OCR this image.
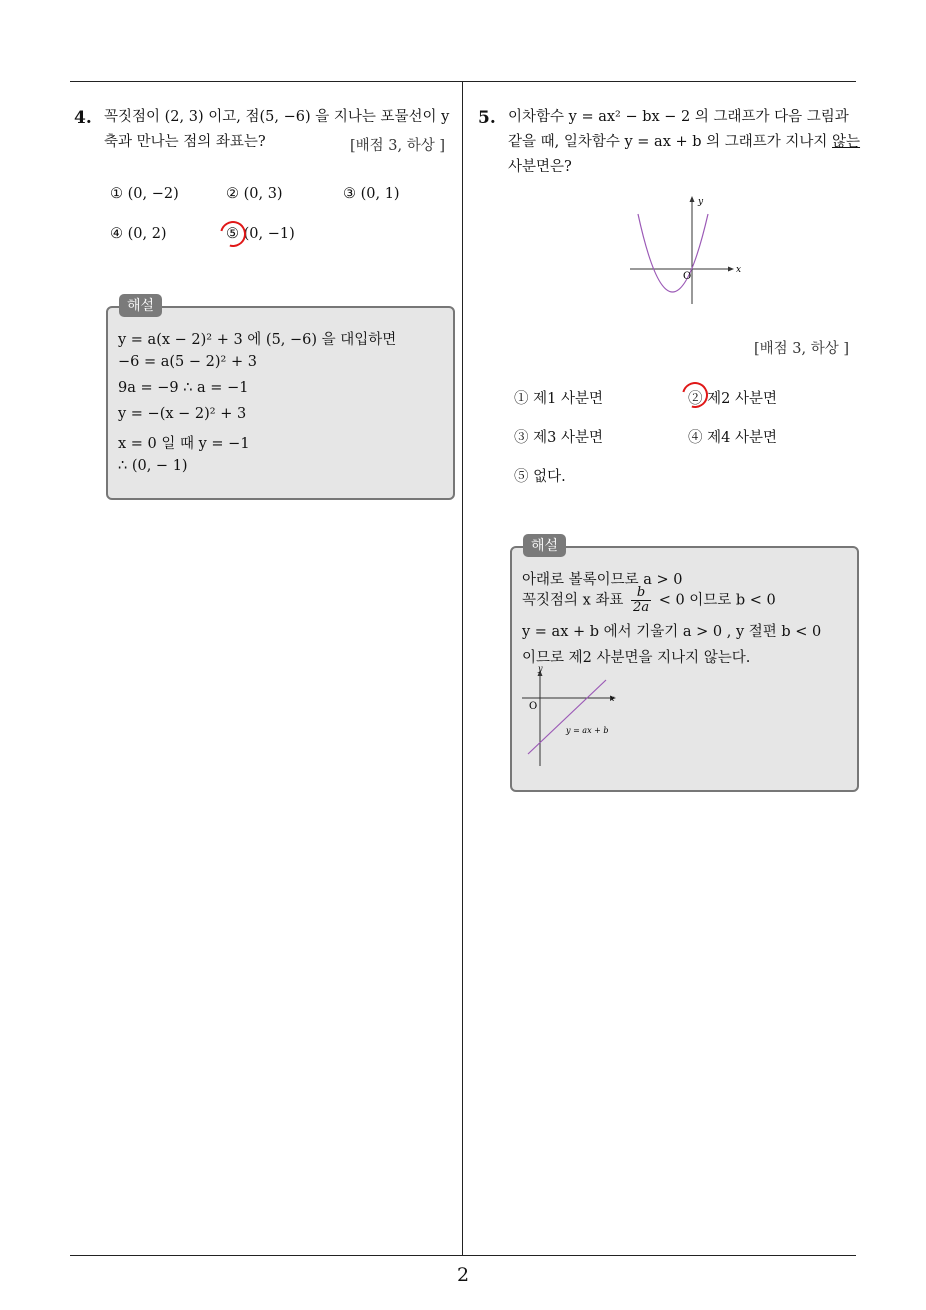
2
4. 꼭짓점이 (2, 3) 이고, 점(5, −6) 을 지나는 포물선이 y
축과 만나는 점의 좌표는?	[배점 3, 하상 ]
① (0, −2)	② (0, 3)	③ (0, 1)
④ (0, 2)	⑤ (0, −1)
해설
y = a(x − 2)² + 3 에 (5, −6) 을 대입하면
−6 = a(5 − 2)² + 3
9a = −9 ∴ a = −1
y = −(x − 2)² + 3
x = 0 일 때 y = −1
∴ (0, − 1)
5. 이차함수 y = ax² − bx − 2 의 그래프가 다음 그림과
같을 때, 일차함수 y = ax + b 의 그래프가 지나지 않는
사분면은?
x
y
O
[배점 3, 하상 ]
① 제1 사분면	② 제2 사분면
③ 제3 사분면	④ 제4 사분면
⑤ 없다.
해설
아래로 볼록이므로 a > 0
꼭짓점의 x 좌표 $\frac{b}{2a} < 0$ 이므로 b < 0
y = ax + b 에서 기울기 a > 0 , y 절편 b < 0
이므로 제2 사분면을 지나지 않는다.
x
y
O
y = ax + b
